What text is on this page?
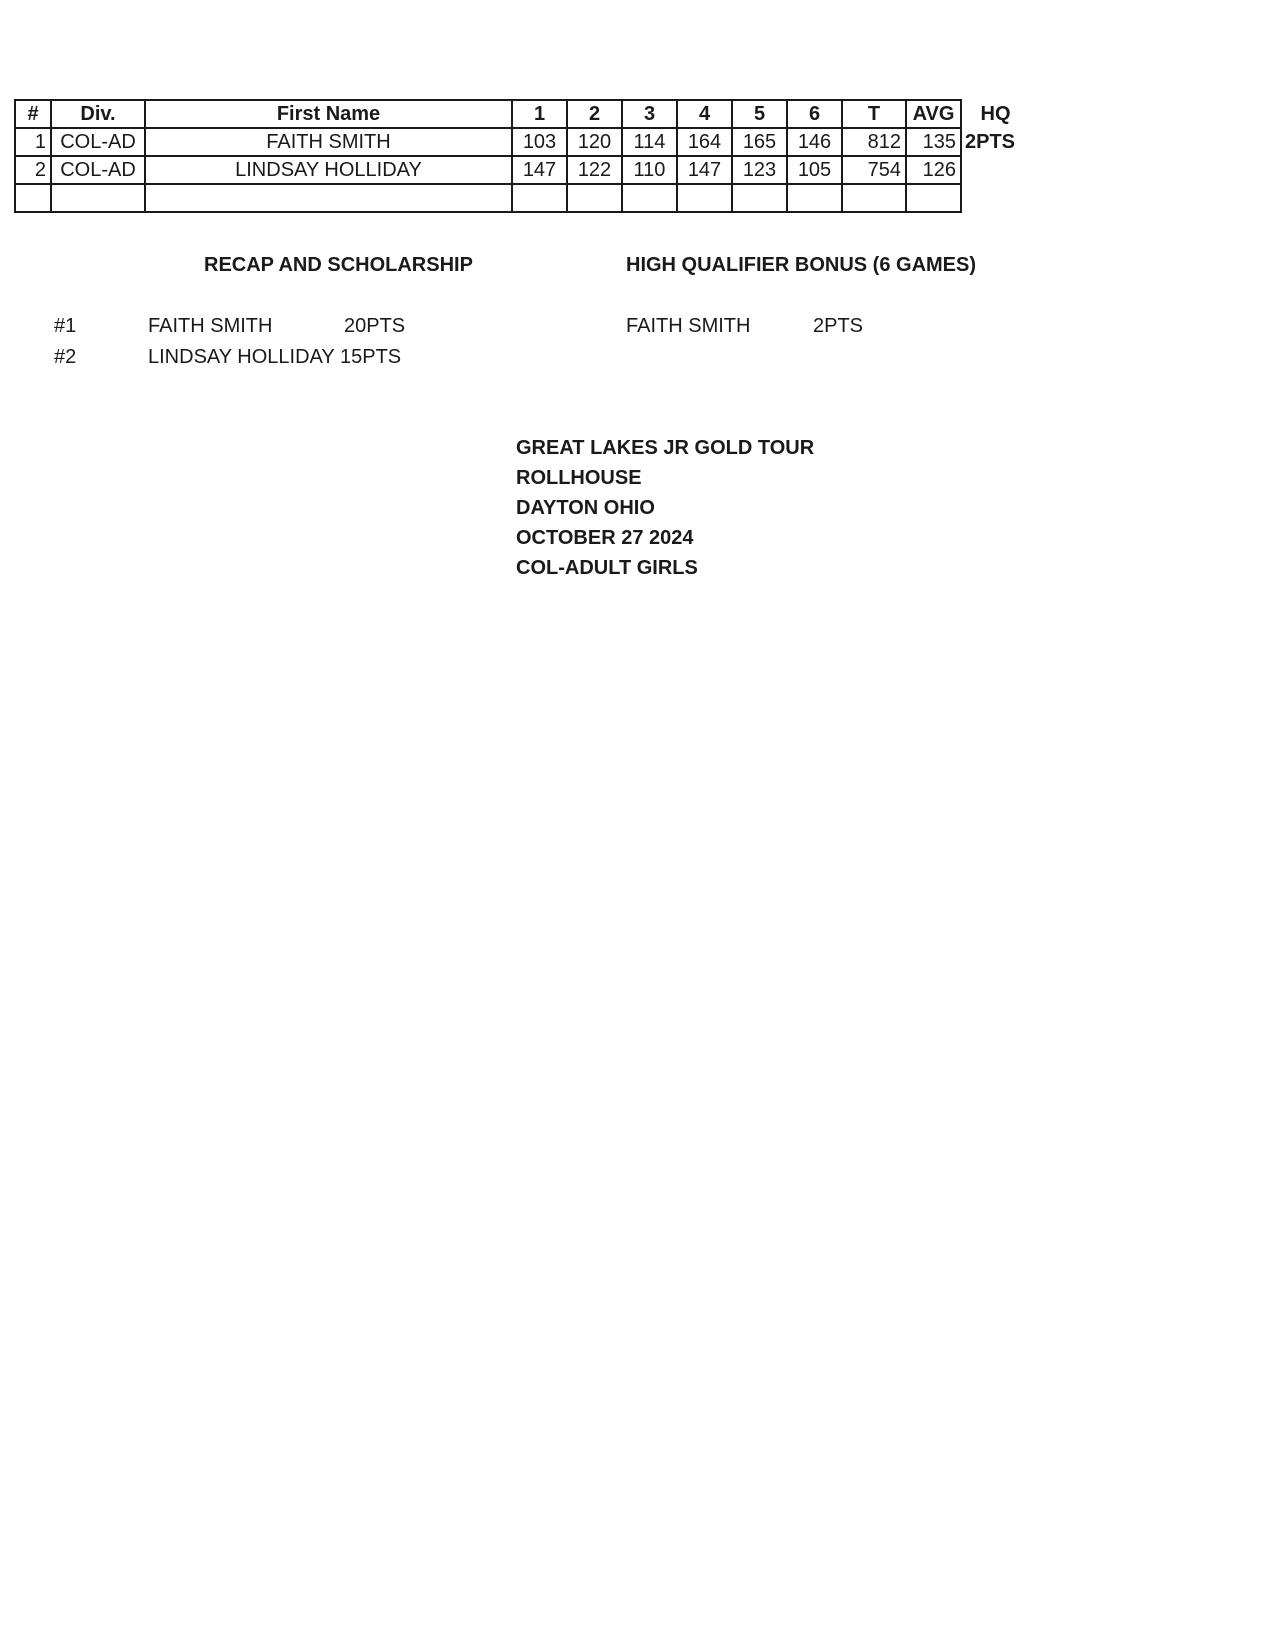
#	Div.	First Name	1	2	3	4	5	6	T	AVG	HQ
1	COL-AD	FAITH SMITH	103	120	114	164	165	146	812	135	2PTS
2	COL-AD	LINDSAY HOLLIDAY	147	122	110	147	123	105	754	126	

RECAP AND SCHOLARSHIP	HIGH QUALIFIER BONUS (6 GAMES)
#1	FAITH SMITH	20PTS
#2	LINDSAY HOLLIDAY 15PTS
FAITH SMITH	2PTS
GREAT LAKES JR GOLD TOUR
ROLLHOUSE
DAYTON OHIO
OCTOBER 27 2024
COL-ADULT GIRLS
